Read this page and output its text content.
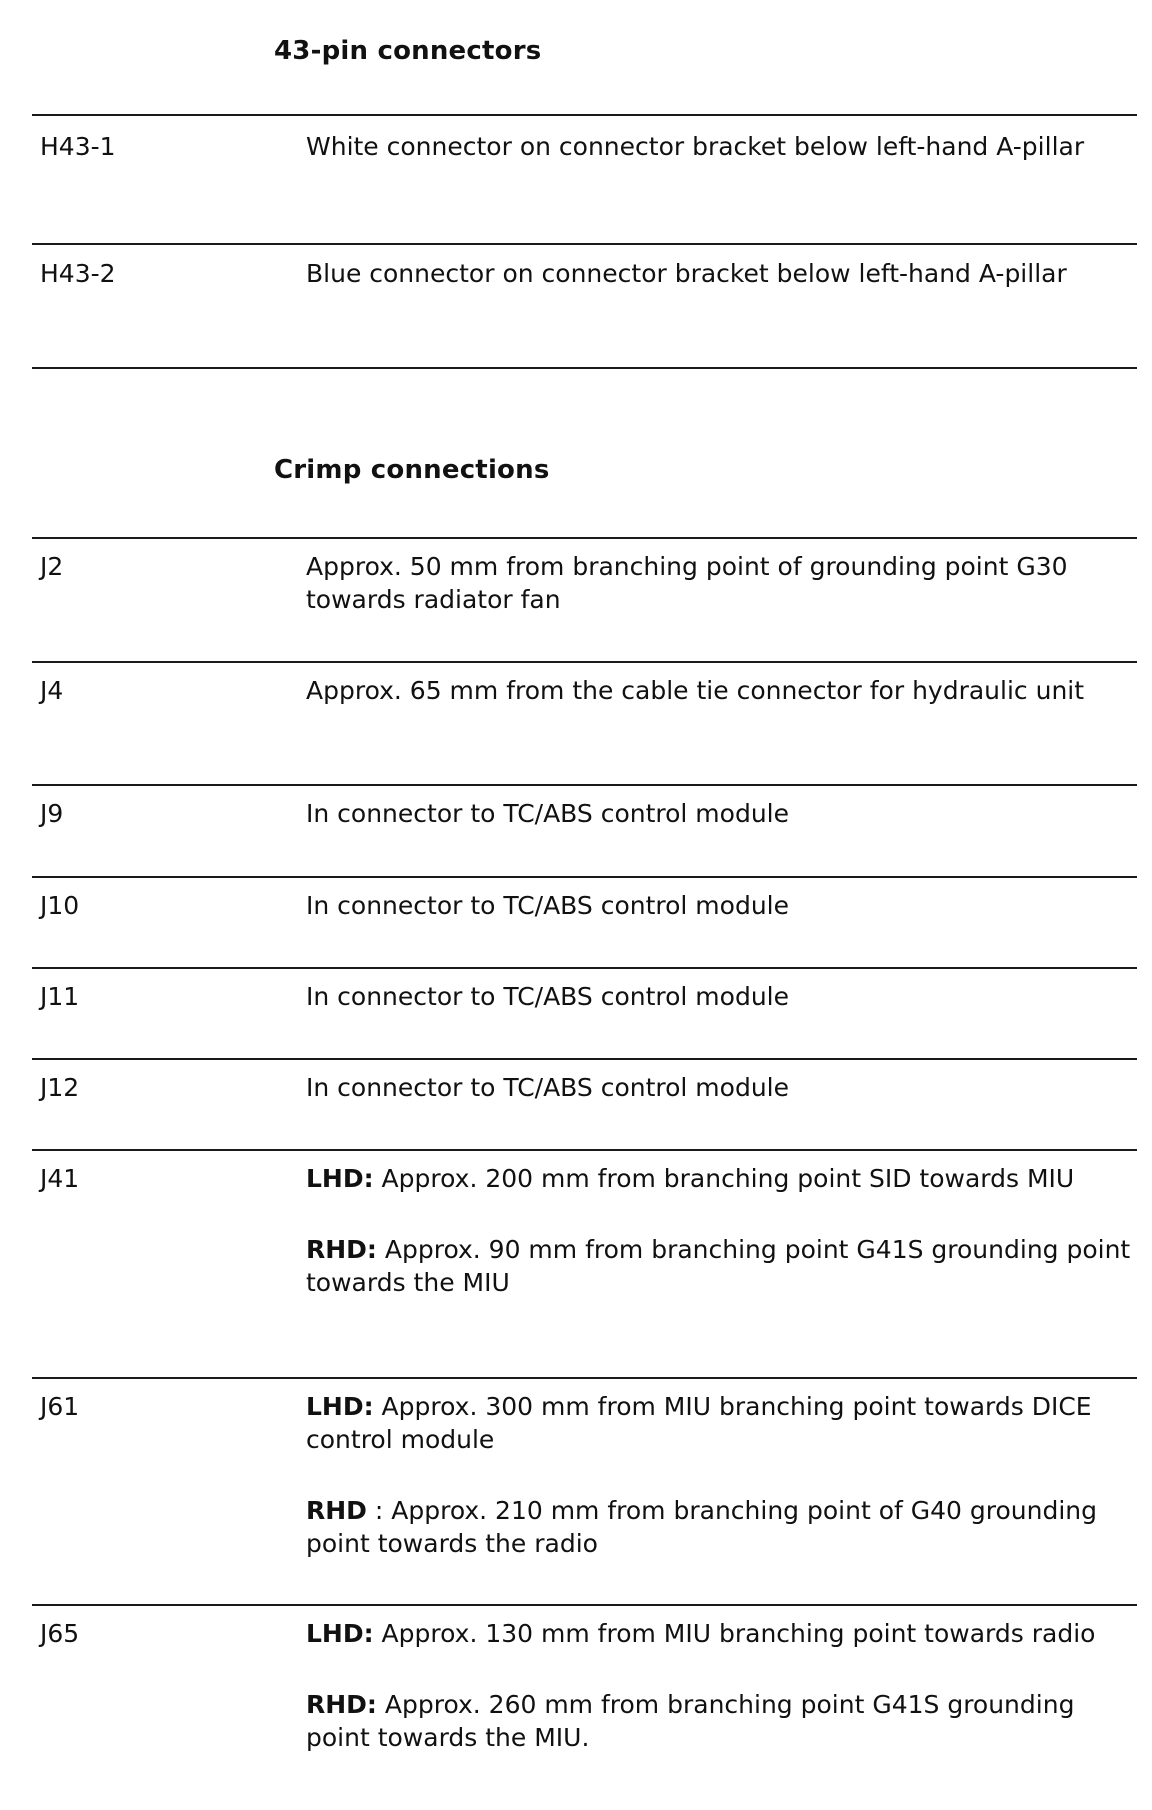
43-pin connectors
H43-1	White connector on connector bracket below left-hand A-pillar

H43-2	Blue connector on connector bracket below left-hand A-pillar

Crimp connections
J2	Approx. 50 mm from branching point of grounding point G30 towards radiator fan

J4	Approx. 65 mm from the cable tie connector for hydraulic unit

J9	In connector to TC/ABS control module

J10	In connector to TC/ABS control module

J11	In connector to TC/ABS control module

J12	In connector to TC/ABS control module

J41	LHD: Approx. 200 mm from branching point SID towards MIU

RHD: Approx. 90 mm from branching point G41S grounding point towards the MIU

J61	LHD: Approx. 300 mm from MIU branching point towards DICE control module

RHD : Approx. 210 mm from branching point of G40 grounding point towards the radio

J65	LHD: Approx. 130 mm from MIU branching point towards radio

RHD: Approx. 260 mm from branching point G41S grounding point towards the MIU.
